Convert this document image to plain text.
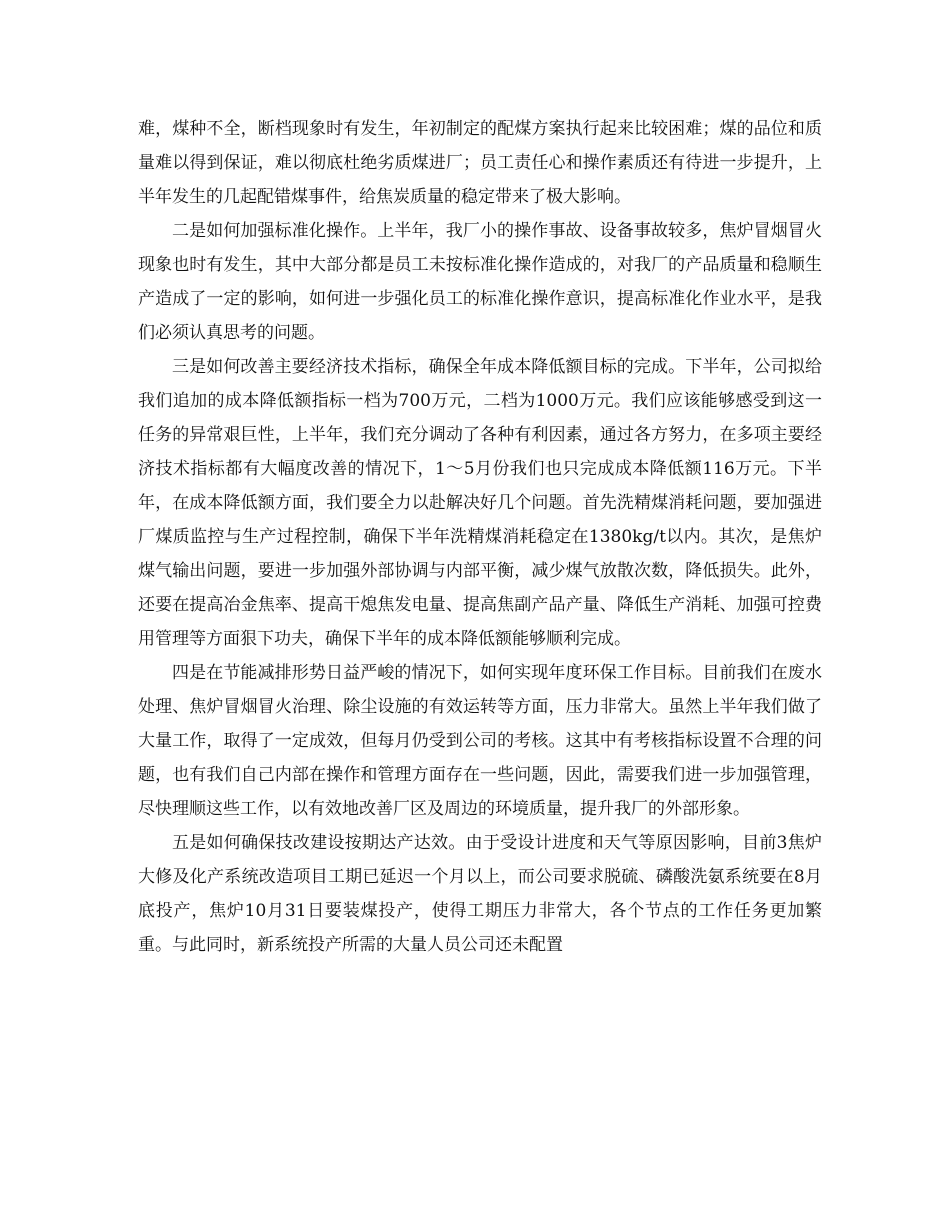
难，煤种不全，断档现象时有发生，年初制定的配煤方案执行起来比较困难；煤的品位和质量难以得到保证，难以彻底杜绝劣质煤进厂；员工责任心和操作素质还有待进一步提升，上半年发生的几起配错煤事件，给焦炭质量的稳定带来了极大影响。

二是如何加强标准化操作。上半年，我厂小的操作事故、设备事故较多，焦炉冒烟冒火现象也时有发生，其中大部分都是员工未按标准化操作造成的，对我厂的产品质量和稳顺生产造成了一定的影响，如何进一步强化员工的标准化操作意识，提高标准化作业水平，是我们必须认真思考的问题。

三是如何改善主要经济技术指标，确保全年成本降低额目标的完成。下半年，公司拟给我们追加的成本降低额指标一档为700万元，二档为1000万元。我们应该能够感受到这一任务的异常艰巨性，上半年，我们充分调动了各种有利因素，通过各方努力，在多项主要经济技术指标都有大幅度改善的情况下，1～5月份我们也只完成成本降低额116万元。下半年，在成本降低额方面，我们要全力以赴解决好几个问题。首先洗精煤消耗问题，要加强进厂煤质监控与生产过程控制，确保下半年洗精煤消耗稳定在1380kg/t以内。其次，是焦炉煤气输出问题，要进一步加强外部协调与内部平衡，减少煤气放散次数，降低损失。此外，还要在提高冶金焦率、提高干熄焦发电量、提高焦副产品产量、降低生产消耗、加强可控费用管理等方面狠下功夫，确保下半年的成本降低额能够顺利完成。

四是在节能减排形势日益严峻的情况下，如何实现年度环保工作目标。目前我们在废水处理、焦炉冒烟冒火治理、除尘设施的有效运转等方面，压力非常大。虽然上半年我们做了大量工作，取得了一定成效，但每月仍受到公司的考核。这其中有考核指标设置不合理的问题，也有我们自己内部在操作和管理方面存在一些问题，因此，需要我们进一步加强管理，尽快理顺这些工作，以有效地改善厂区及周边的环境质量，提升我厂的外部形象。

五是如何确保技改建设按期达产达效。由于受设计进度和天气等原因影响，目前3焦炉大修及化产系统改造项目工期已延迟一个月以上，而公司要求脱硫、磷酸洗氨系统要在8月底投产，焦炉10月31日要装煤投产，使得工期压力非常大，各个节点的工作任务更加繁重。与此同时，新系统投产所需的大量人员公司还未配置
